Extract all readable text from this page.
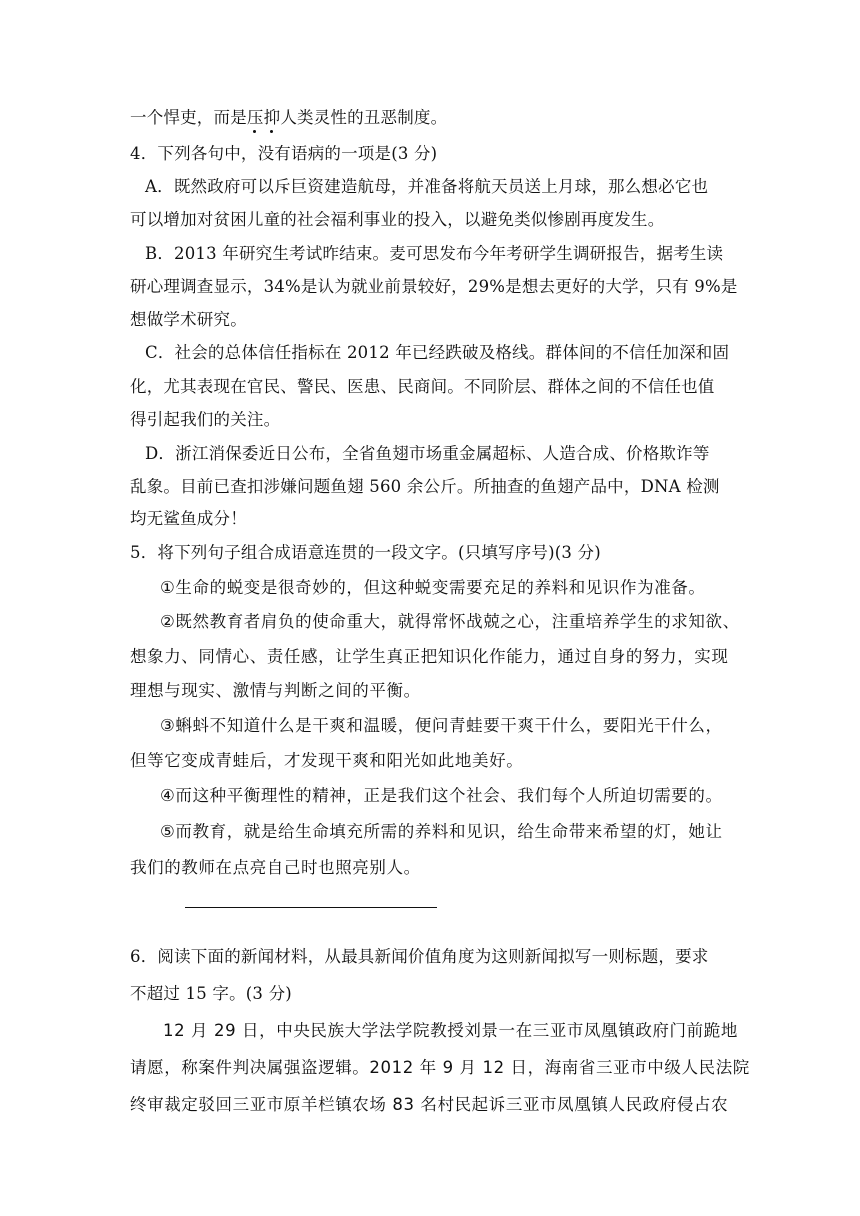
一个悍吏，而是压抑
人类灵性的丑恶制度。
4．下列各句中，没有语病的一项是(3 分)
A．既然政府可以斥巨资建造航母，并准备将航天员送上月球，那么想必它也
可以增加对贫困儿童的社会福利事业的投入，以避免类似惨剧再度发生。
B．2013 年研究生考试昨结束。麦可思发布今年考研学生调研报告，据考生读
研心理调查显示，34%是认为就业前景较好，29%是想去更好的大学，只有 9%是
想做学术研究。
C．社会的总体信任指标在 2012 年已经跌破及格线。群体间的不信任加深和固
化，尤其表现在官民、警民、医患、民商间。不同阶层、群体之间的不信任也值
得引起我们的关注。
D．浙江消保委近日公布，全省鱼翅市场重金属超标、人造合成、价格欺诈等
乱象。目前已查扣涉嫌问题鱼翅 560 余公斤。所抽查的鱼翅产品中，DNA 检测
均无鲨鱼成分！
5．将下列句子组合成语意连贯的一段文字。(只填写序号)(3 分)
①生命的蜕变是很奇妙的，但这种蜕变需要充足的养料和见识作为准备。
②既然教育者肩负的使命重大，就得常怀战兢之心，注重培养学生的求知欲、
想象力、同情心、责任感，让学生真正把知识化作能力，通过自身的努力，实现
理想与现实、激情与判断之间的平衡。
③蝌蚪不知道什么是干爽和温暖，便问青蛙要干爽干什么，要阳光干什么，
但等它变成青蛙后，才发现干爽和阳光如此地美好。
④而这种平衡理性的精神，正是我们这个社会、我们每个人所迫切需要的。
⑤而教育，就是给生命填充所需的养料和见识，给生命带来希望的灯，她让
我们的教师在点亮自己时也照亮别人。
6．阅读下面的新闻材料，从最具新闻价值角度为这则新闻拟写一则标题，要求
不超过 15 字。(3 分)
12 月 29 日，中央民族大学法学院教授刘景一在三亚市凤凰镇政府门前跪地
请愿，称案件判决属强盗逻辑。2012 年 9 月 12 日，海南省三亚市中级人民法院
终审裁定驳回三亚市原羊栏镇农场 83 名村民起诉三亚市凤凰镇人民政府侵占农
